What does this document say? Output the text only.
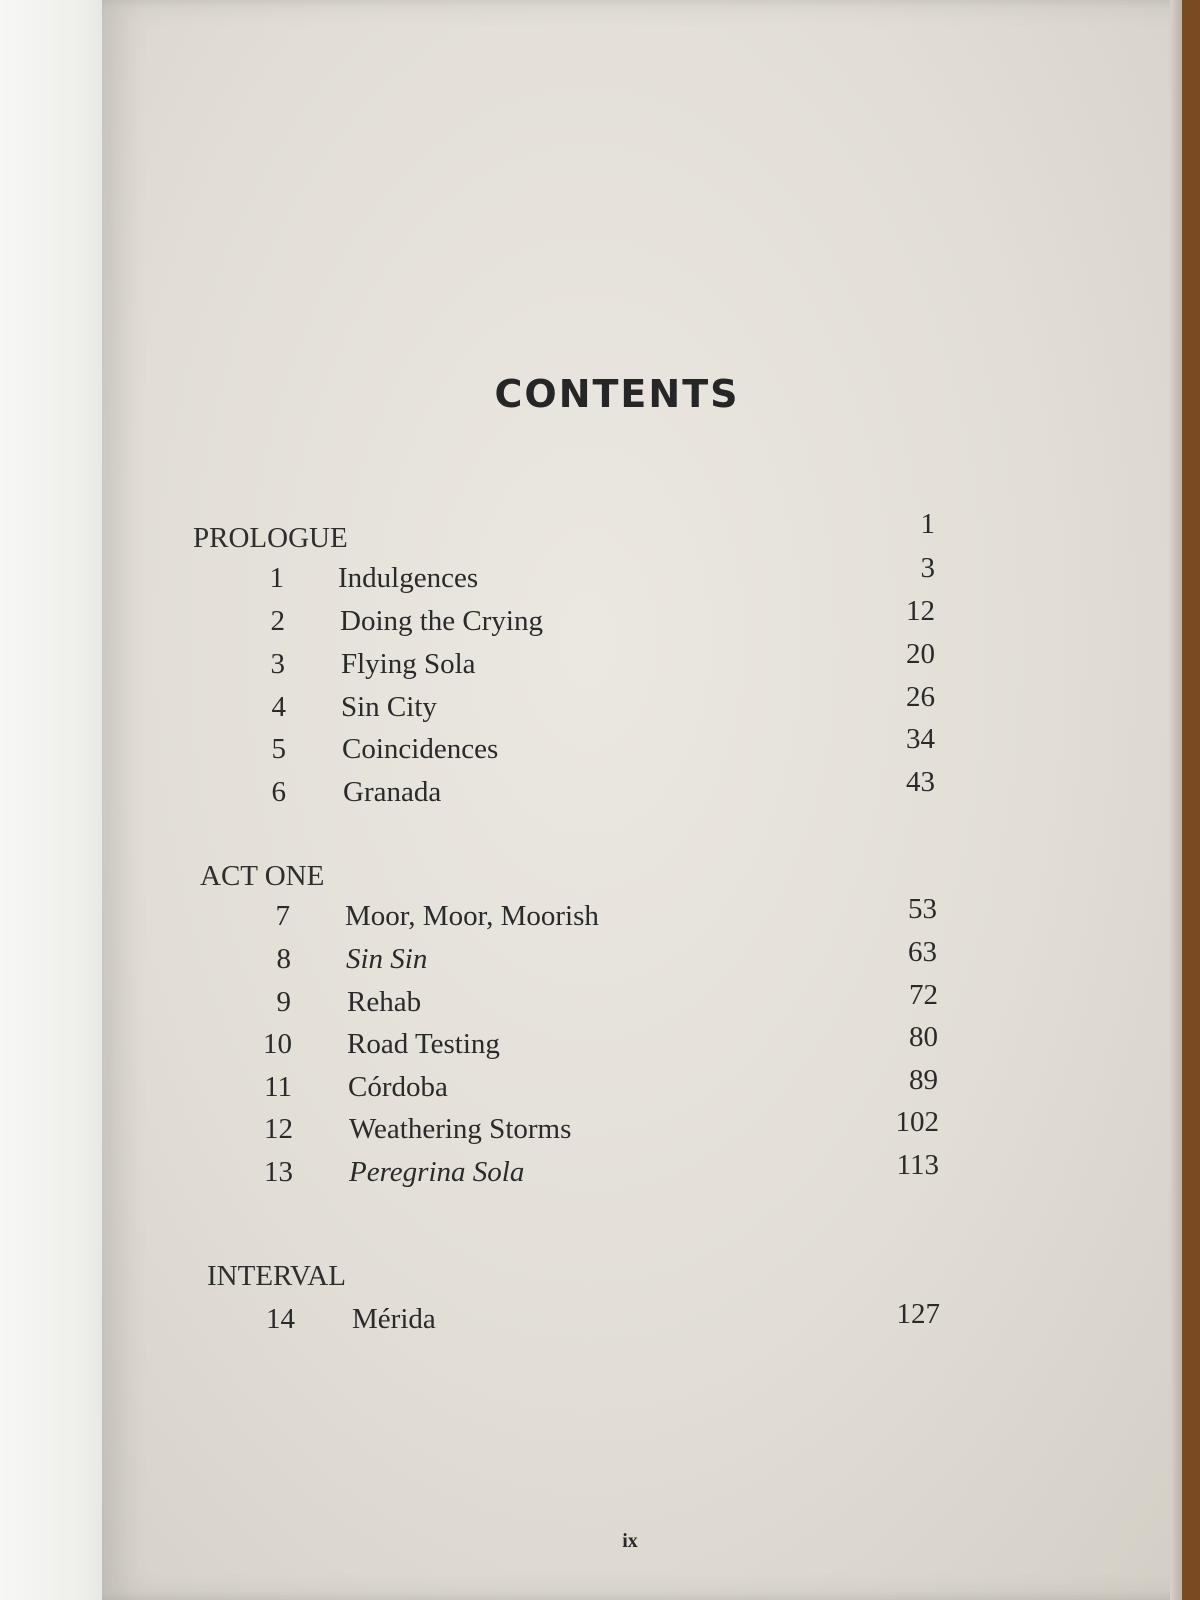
CONTENTS
PROLOGUE	1
1 Indulgences	3
2 Doing the Crying	12
3 Flying Sola	20
4 Sin City	26
5 Coincidences	34
6 Granada	43
ACT ONE
7 Moor, Moor, Moorish	53
8 Sin Sin	63
9 Rehab	72
10 Road Testing	80
11 Córdoba	89
12 Weathering Storms	102
13 Peregrina Sola	113
INTERVAL
14 Mérida	127
ix
